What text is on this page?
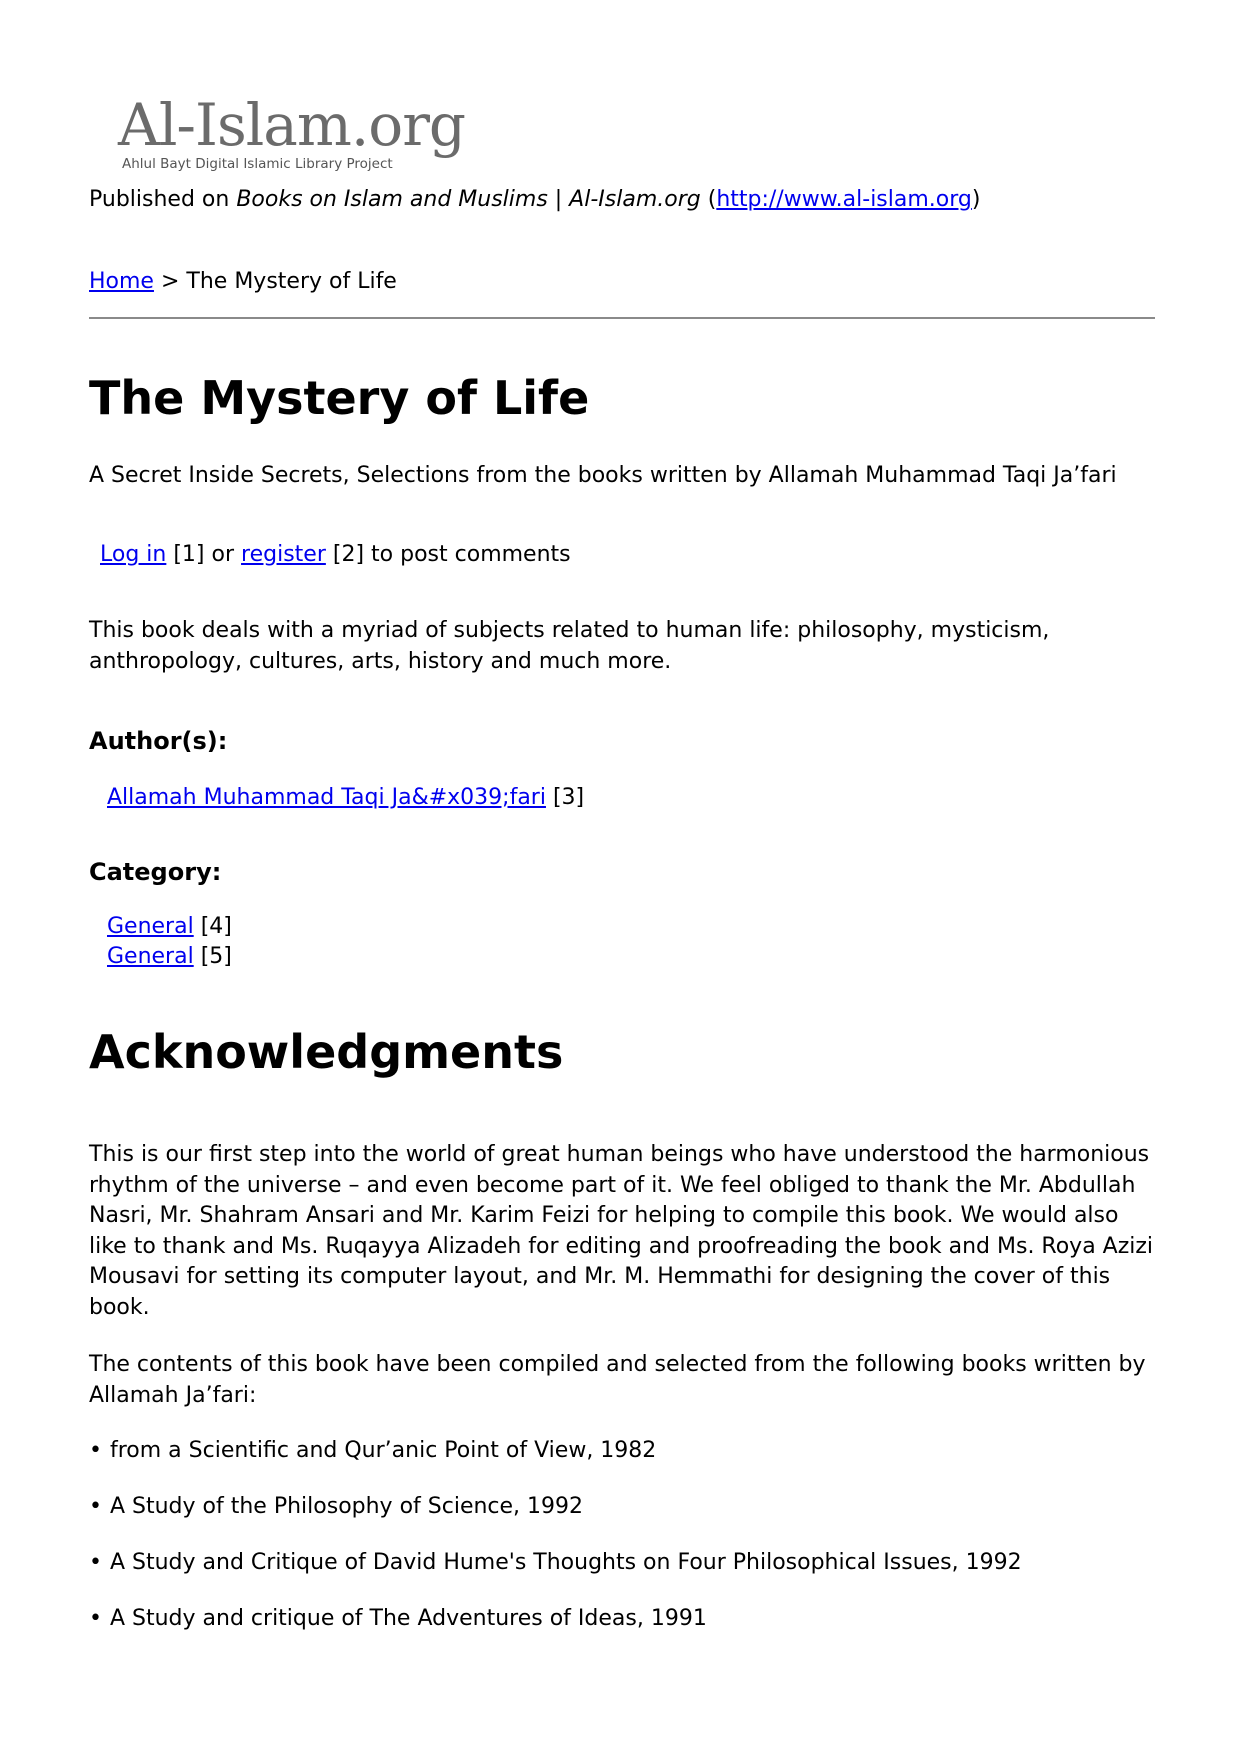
Al-Islam.org
Ahlul Bayt Digital Islamic Library Project
Published on Books on Islam and Muslims | Al-Islam.org (http://www.al-islam.org)
Home > The Mystery of Life
The Mystery of Life
A Secret Inside Secrets, Selections from the books written by Allamah Muhammad Taqi Ja’fari
Log in [1] or register [2] to post comments
This book deals with a myriad of subjects related to human life: philosophy, mysticism, anthropology, cultures, arts, history and much more.
Author(s):
Allamah Muhammad Taqi Ja&#x039;fari [3]
Category:
General [4]
General [5]
Acknowledgments

This is our first step into the world of great human beings who have understood the harmonious rhythm of the universe – and even become part of it. We feel obliged to thank the Mr. Abdullah Nasri, Mr. Shahram Ansari and Mr. Karim Feizi for helping to compile this book. We would also like to thank and Ms. Ruqayya Alizadeh for editing and proofreading the book and Ms. Roya Azizi Mousavi for setting its computer layout, and Mr. M. Hemmathi for designing the cover of this book.

The contents of this book have been compiled and selected from the following books written by Allamah Ja’fari:

• from a Scientific and Qur’anic Point of View, 1982
• A Study of the Philosophy of Science, 1992
• A Study and Critique of David Hume's Thoughts on Four Philosophical Issues, 1992
• A Study and critique of The Adventures of Ideas, 1991
